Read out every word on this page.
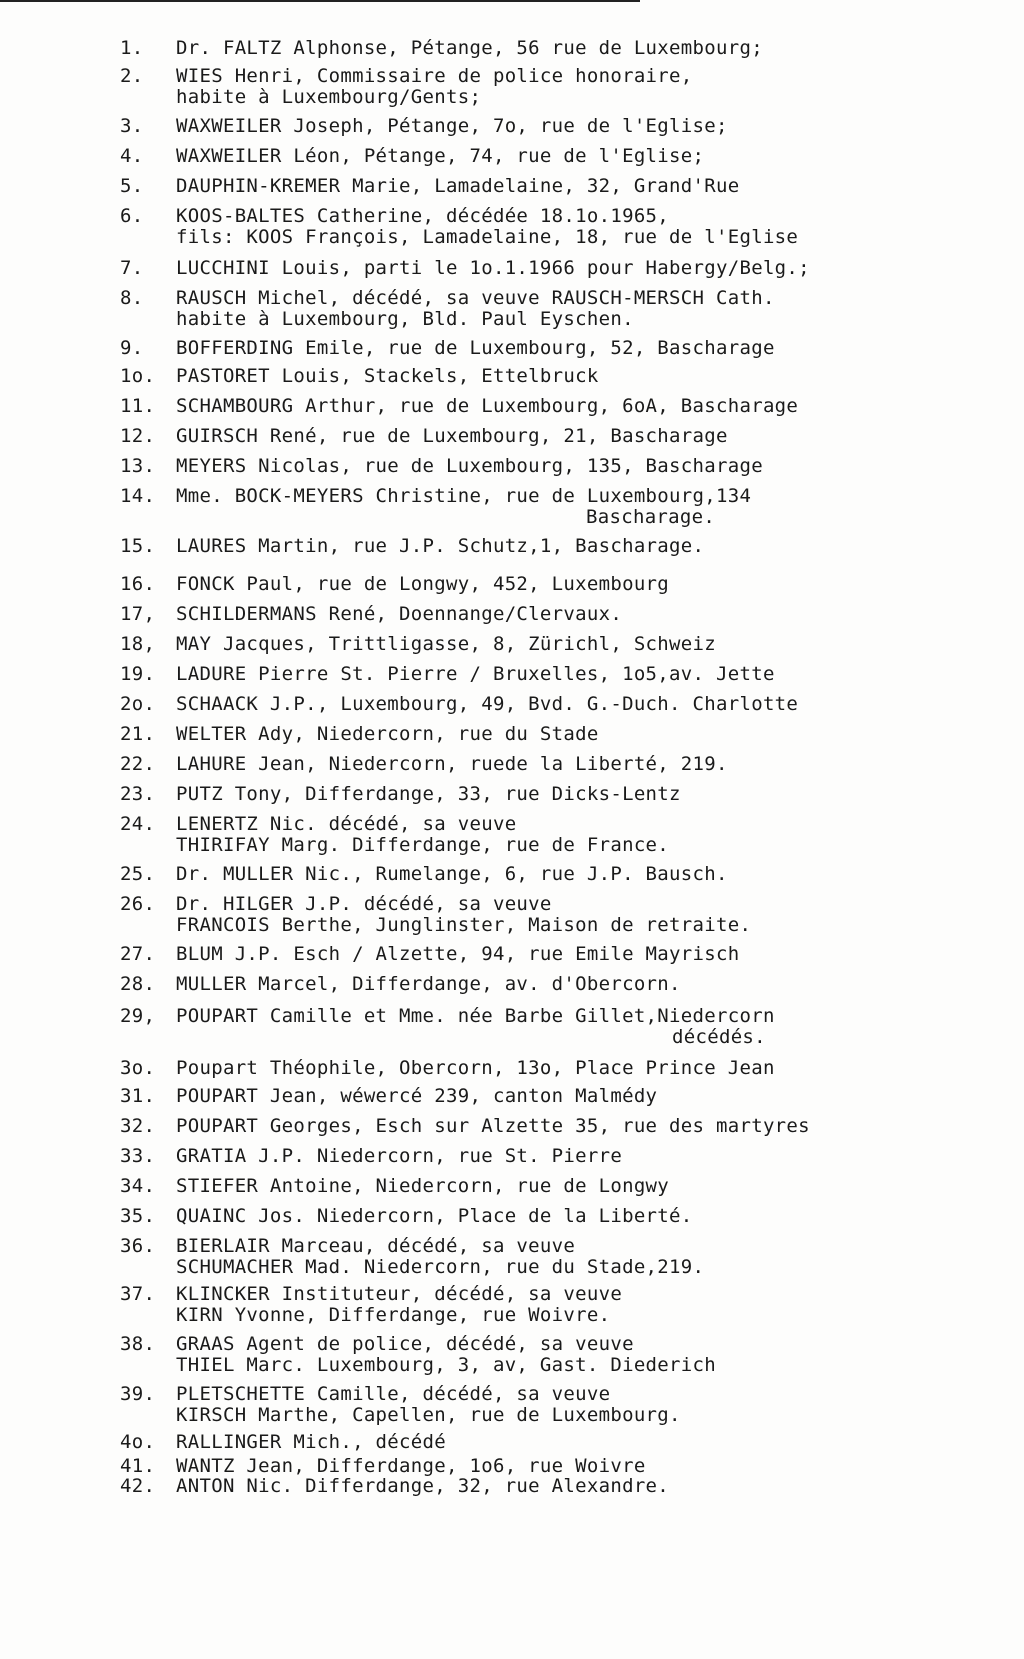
1.	Dr. FALTZ Alphonse, Pétange, 56 rue de Luxembourg;
2.	WIES Henri, Commissaire de police honoraire,
habite à Luxembourg/Gents;
3.	WAXWEILER Joseph, Pétange, 7o, rue de l'Eglise;
4.	WAXWEILER Léon, Pétange, 74, rue de l'Eglise;
5.	DAUPHIN-KREMER Marie, Lamadelaine, 32, Grand'Rue
6.	KOOS-BALTES Catherine, décédée 18.1o.1965,
fils: KOOS François, Lamadelaine, 18, rue de l'Eglise
7.	LUCCHINI Louis, parti le 1o.1.1966 pour Habergy/Belg.;
8.	RAUSCH Michel, décédé, sa veuve RAUSCH-MERSCH Cath.
habite à Luxembourg, Bld. Paul Eyschen.
9.	BOFFERDING Emile, rue de Luxembourg, 52, Bascharage
1o.	PASTORET Louis, Stackels, Ettelbruck
11.	SCHAMBOURG Arthur, rue de Luxembourg, 6oA, Bascharage
12.	GUIRSCH René, rue de Luxembourg, 21, Bascharage
13.	MEYERS Nicolas, rue de Luxembourg, 135, Bascharage
14.	Mme. BOCK-MEYERS Christine, rue de Luxembourg,134
Bascharage.
15.	LAURES Martin, rue J.P. Schutz,1, Bascharage.
16.	FONCK Paul, rue de Longwy, 452, Luxembourg
17,	SCHILDERMANS René, Doennange/Clervaux.
18,	MAY Jacques, Trittligasse, 8, Zürichl, Schweiz
19.	LADURE Pierre St. Pierre / Bruxelles, 1o5,av. Jette
2o.	SCHAACK J.P., Luxembourg, 49, Bvd. G.-Duch. Charlotte
21.	WELTER Ady, Niedercorn, rue du Stade
22.	LAHURE Jean, Niedercorn, ruede la Liberté, 219.
23.	PUTZ Tony, Differdange, 33, rue Dicks-Lentz
24.	LENERTZ Nic. décédé, sa veuve
THIRIFAY Marg. Differdange, rue de France.
25.	Dr. MULLER Nic., Rumelange, 6, rue J.P. Bausch.
26.	Dr. HILGER J.P. décédé, sa veuve
FRANCOIS Berthe, Junglinster, Maison de retraite.
27.	BLUM J.P. Esch / Alzette, 94, rue Emile Mayrisch
28.	MULLER Marcel, Differdange, av. d'Obercorn.
29,	POUPART Camille et Mme. née Barbe Gillet,Niedercorn
décédés.
3o.	Poupart Théophile, Obercorn, 13o, Place Prince Jean
31.	POUPART Jean, wéwercé 239, canton Malmédy
32.	POUPART Georges, Esch sur Alzette 35, rue des martyres
33.	GRATIA J.P. Niedercorn, rue St. Pierre
34.	STIEFER Antoine, Niedercorn, rue de Longwy
35.	QUAINC Jos. Niedercorn, Place de la Liberté.
36.	BIERLAIR Marceau, décédé, sa veuve
SCHUMACHER Mad. Niedercorn, rue du Stade,219.
37.	KLINCKER Instituteur, décédé, sa veuve
KIRN Yvonne, Differdange, rue Woivre.
38.	GRAAS Agent de police, décédé, sa veuve
THIEL Marc. Luxembourg, 3, av, Gast. Diederich
39.	PLETSCHETTE Camille, décédé, sa veuve
KIRSCH Marthe, Capellen, rue de Luxembourg.
4o.	RALLINGER Mich., décédé
41.	WANTZ Jean, Differdange, 1o6, rue Woivre
42.	ANTON Nic. Differdange, 32, rue Alexandre.
